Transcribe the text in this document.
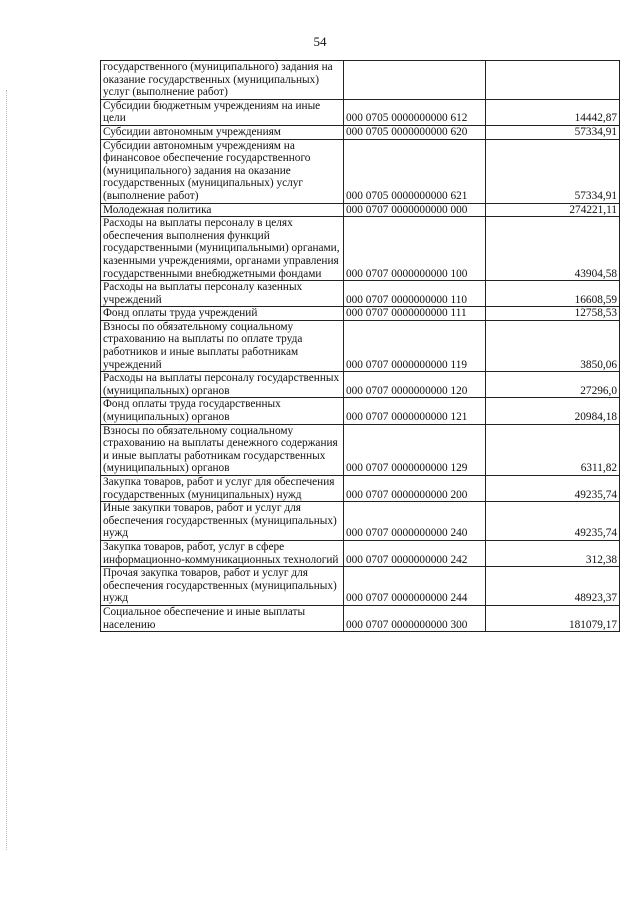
54
государственного (муниципального) задания на оказание государственных (муниципальных) услуг (выполнение работ)		
Субсидии бюджетным учреждениям на иные цели	000 0705 0000000000 612	14442,87
Субсидии автономным учреждениям	000 0705 0000000000 620	57334,91
Субсидии автономным учреждениям на финансовое обеспечение государственного (муниципального) задания на оказание государственных (муниципальных) услуг (выполнение работ)	000 0705 0000000000 621	57334,91
Молодежная политика	000 0707 0000000000 000	274221,11
Расходы на выплаты персоналу в целях обеспечения выполнения функций государственными (муниципальными) органами, казенными учреждениями, органами управления государственными внебюджетными фондами	000 0707 0000000000 100	43904,58
Расходы на выплаты персоналу казенных учреждений	000 0707 0000000000 110	16608,59
Фонд оплаты труда учреждений	000 0707 0000000000 111	12758,53
Взносы по обязательному социальному страхованию на выплаты по оплате труда работников и иные выплаты работникам учреждений	000 0707 0000000000 119	3850,06
Расходы на выплаты персоналу государственных (муниципальных) органов	000 0707 0000000000 120	27296,0
Фонд оплаты труда государственных (муниципальных) органов	000 0707 0000000000 121	20984,18
Взносы по обязательному социальному страхованию на выплаты денежного содержания и иные выплаты работникам государственных (муниципальных) органов	000 0707 0000000000 129	6311,82
Закупка товаров, работ и услуг для обеспечения государственных (муниципальных) нужд	000 0707 0000000000 200	49235,74
Иные закупки товаров, работ и услуг для обеспечения государственных (муниципальных) нужд	000 0707 0000000000 240	49235,74
Закупка товаров, работ, услуг в сфере информационно-коммуникационных технологий	000 0707 0000000000 242	312,38
Прочая закупка товаров, работ и услуг для обеспечения государственных (муниципальных) нужд	000 0707 0000000000 244	48923,37
Социальное обеспечение и иные выплаты населению	000 0707 0000000000 300	181079,17
